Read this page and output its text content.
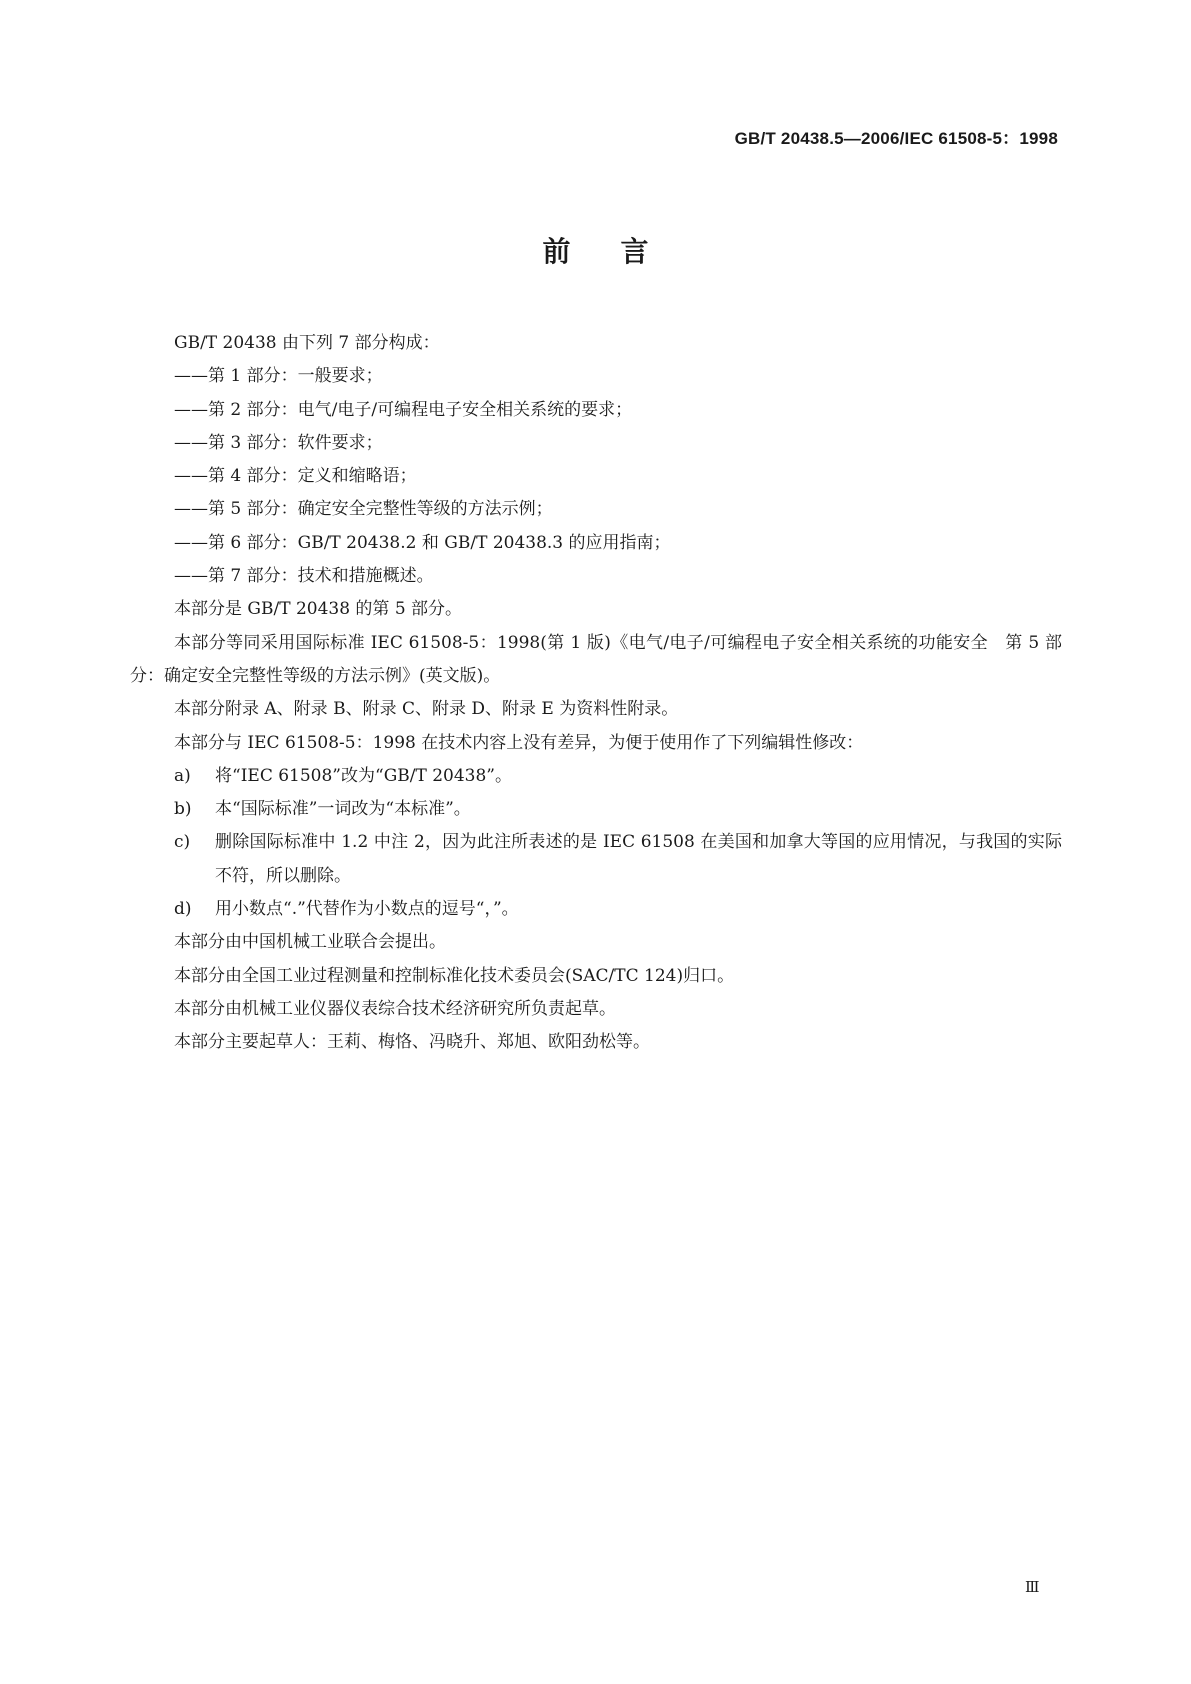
GB/T 20438.5—2006/IEC 61508-5：1998
前言

GB/T 20438 由下列 7 部分构成：

——第 1 部分：一般要求；

——第 2 部分：电气/电子/可编程电子安全相关系统的要求；

——第 3 部分：软件要求；

——第 4 部分：定义和缩略语；

——第 5 部分：确定安全完整性等级的方法示例；

——第 6 部分：GB/T 20438.2 和 GB/T 20438.3 的应用指南；

——第 7 部分：技术和措施概述。

本部分是 GB/T 20438 的第 5 部分。

本部分等同采用国际标准 IEC 61508-5：1998(第 1 版)《电气/电子/可编程电子安全相关系统的功能安全　第 5 部分：确定安全完整性等级的方法示例》(英文版)。

本部分附录 A、附录 B、附录 C、附录 D、附录 E 为资料性附录。

本部分与 IEC 61508-5：1998 在技术内容上没有差异，为便于使用作了下列编辑性修改：

a)	将“IEC 61508”改为“GB/T 20438”。
b)	本“国际标准”一词改为“本标准”。
c)	删除国际标准中 1.2 中注 2，因为此注所表述的是 IEC 61508 在美国和加拿大等国的应用情况，与我国的实际不符，所以删除。
d)	用小数点“.”代替作为小数点的逗号“，”。

本部分由中国机械工业联合会提出。

本部分由全国工业过程测量和控制标准化技术委员会(SAC/TC 124)归口。

本部分由机械工业仪器仪表综合技术经济研究所负责起草。

本部分主要起草人：王莉、梅恪、冯晓升、郑旭、欧阳劲松等。

Ⅲ
